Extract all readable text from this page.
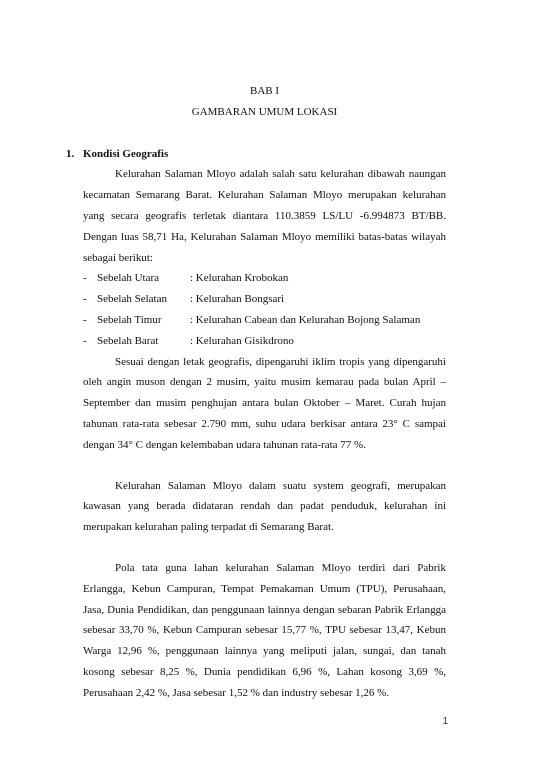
BAB I
GAMBARAN UMUM LOKASI
1. Kondisi Geografis

Kelurahan Salaman Mloyo adalah salah satu kelurahan dibawah naungan kecamatan Semarang Barat. Kelurahan Salaman Mloyo merupakan kelurahan yang secara geografis terletak diantara 110.3859 LS/LU -6.994873 BT/BB. Dengan luas 58,71 Ha, Kelurahan Salaman Mloyo memiliki batas-batas wilayah sebagai berikut:

- Sebelah Utara	: Kelurahan Krobokan
- Sebelah Selatan	: Kelurahan Bongsari
- Sebelah Timur	: Kelurahan Cabean dan Kelurahan Bojong Salaman
- Sebelah Barat	: Kelurahan Gisikdrono

Sesuai dengan letak geografis, dipengaruhi iklim tropis yang dipengaruhi oleh angin muson dengan 2 musim, yaitu musim kemarau pada bulan April – September dan musim penghujan antara bulan Oktober – Maret. Curah hujan tahunan rata-rata sebesar 2.790 mm, suhu udara berkisar antara 23° C sampai dengan 34° C dengan kelembaban udara tahunan rata-rata 77 %.

Kelurahan Salaman Mloyo dalam suatu system geografi, merupakan kawasan yang berada didataran rendah dan padat penduduk, kelurahan ini merupakan kelurahan paling terpadat di Semarang Barat.

Pola tata guna lahan kelurahan Salaman Mloyo terdiri dari Pabrik Erlangga, Kebun Campuran, Tempat Pemakaman Umum (TPU), Perusahaan, Jasa, Dunia Pendidikan, dan penggunaan lainnya dengan sebaran Pabrik Erlangga sebesar 33,70 %, Kebun Campuran sebesar 15,77 %, TPU sebesar 13,47, Kebun Warga 12,96 %, penggunaan lainnya yang meliputi jalan, sungai, dan tanah kosong sebesar 8,25 %, Dunia pendidikan 6,96 %, Lahan kosong 3,69 %, Perusahaan 2,42 %, Jasa sebesar 1,52 % dan industry sebesar 1,26 %.

1
